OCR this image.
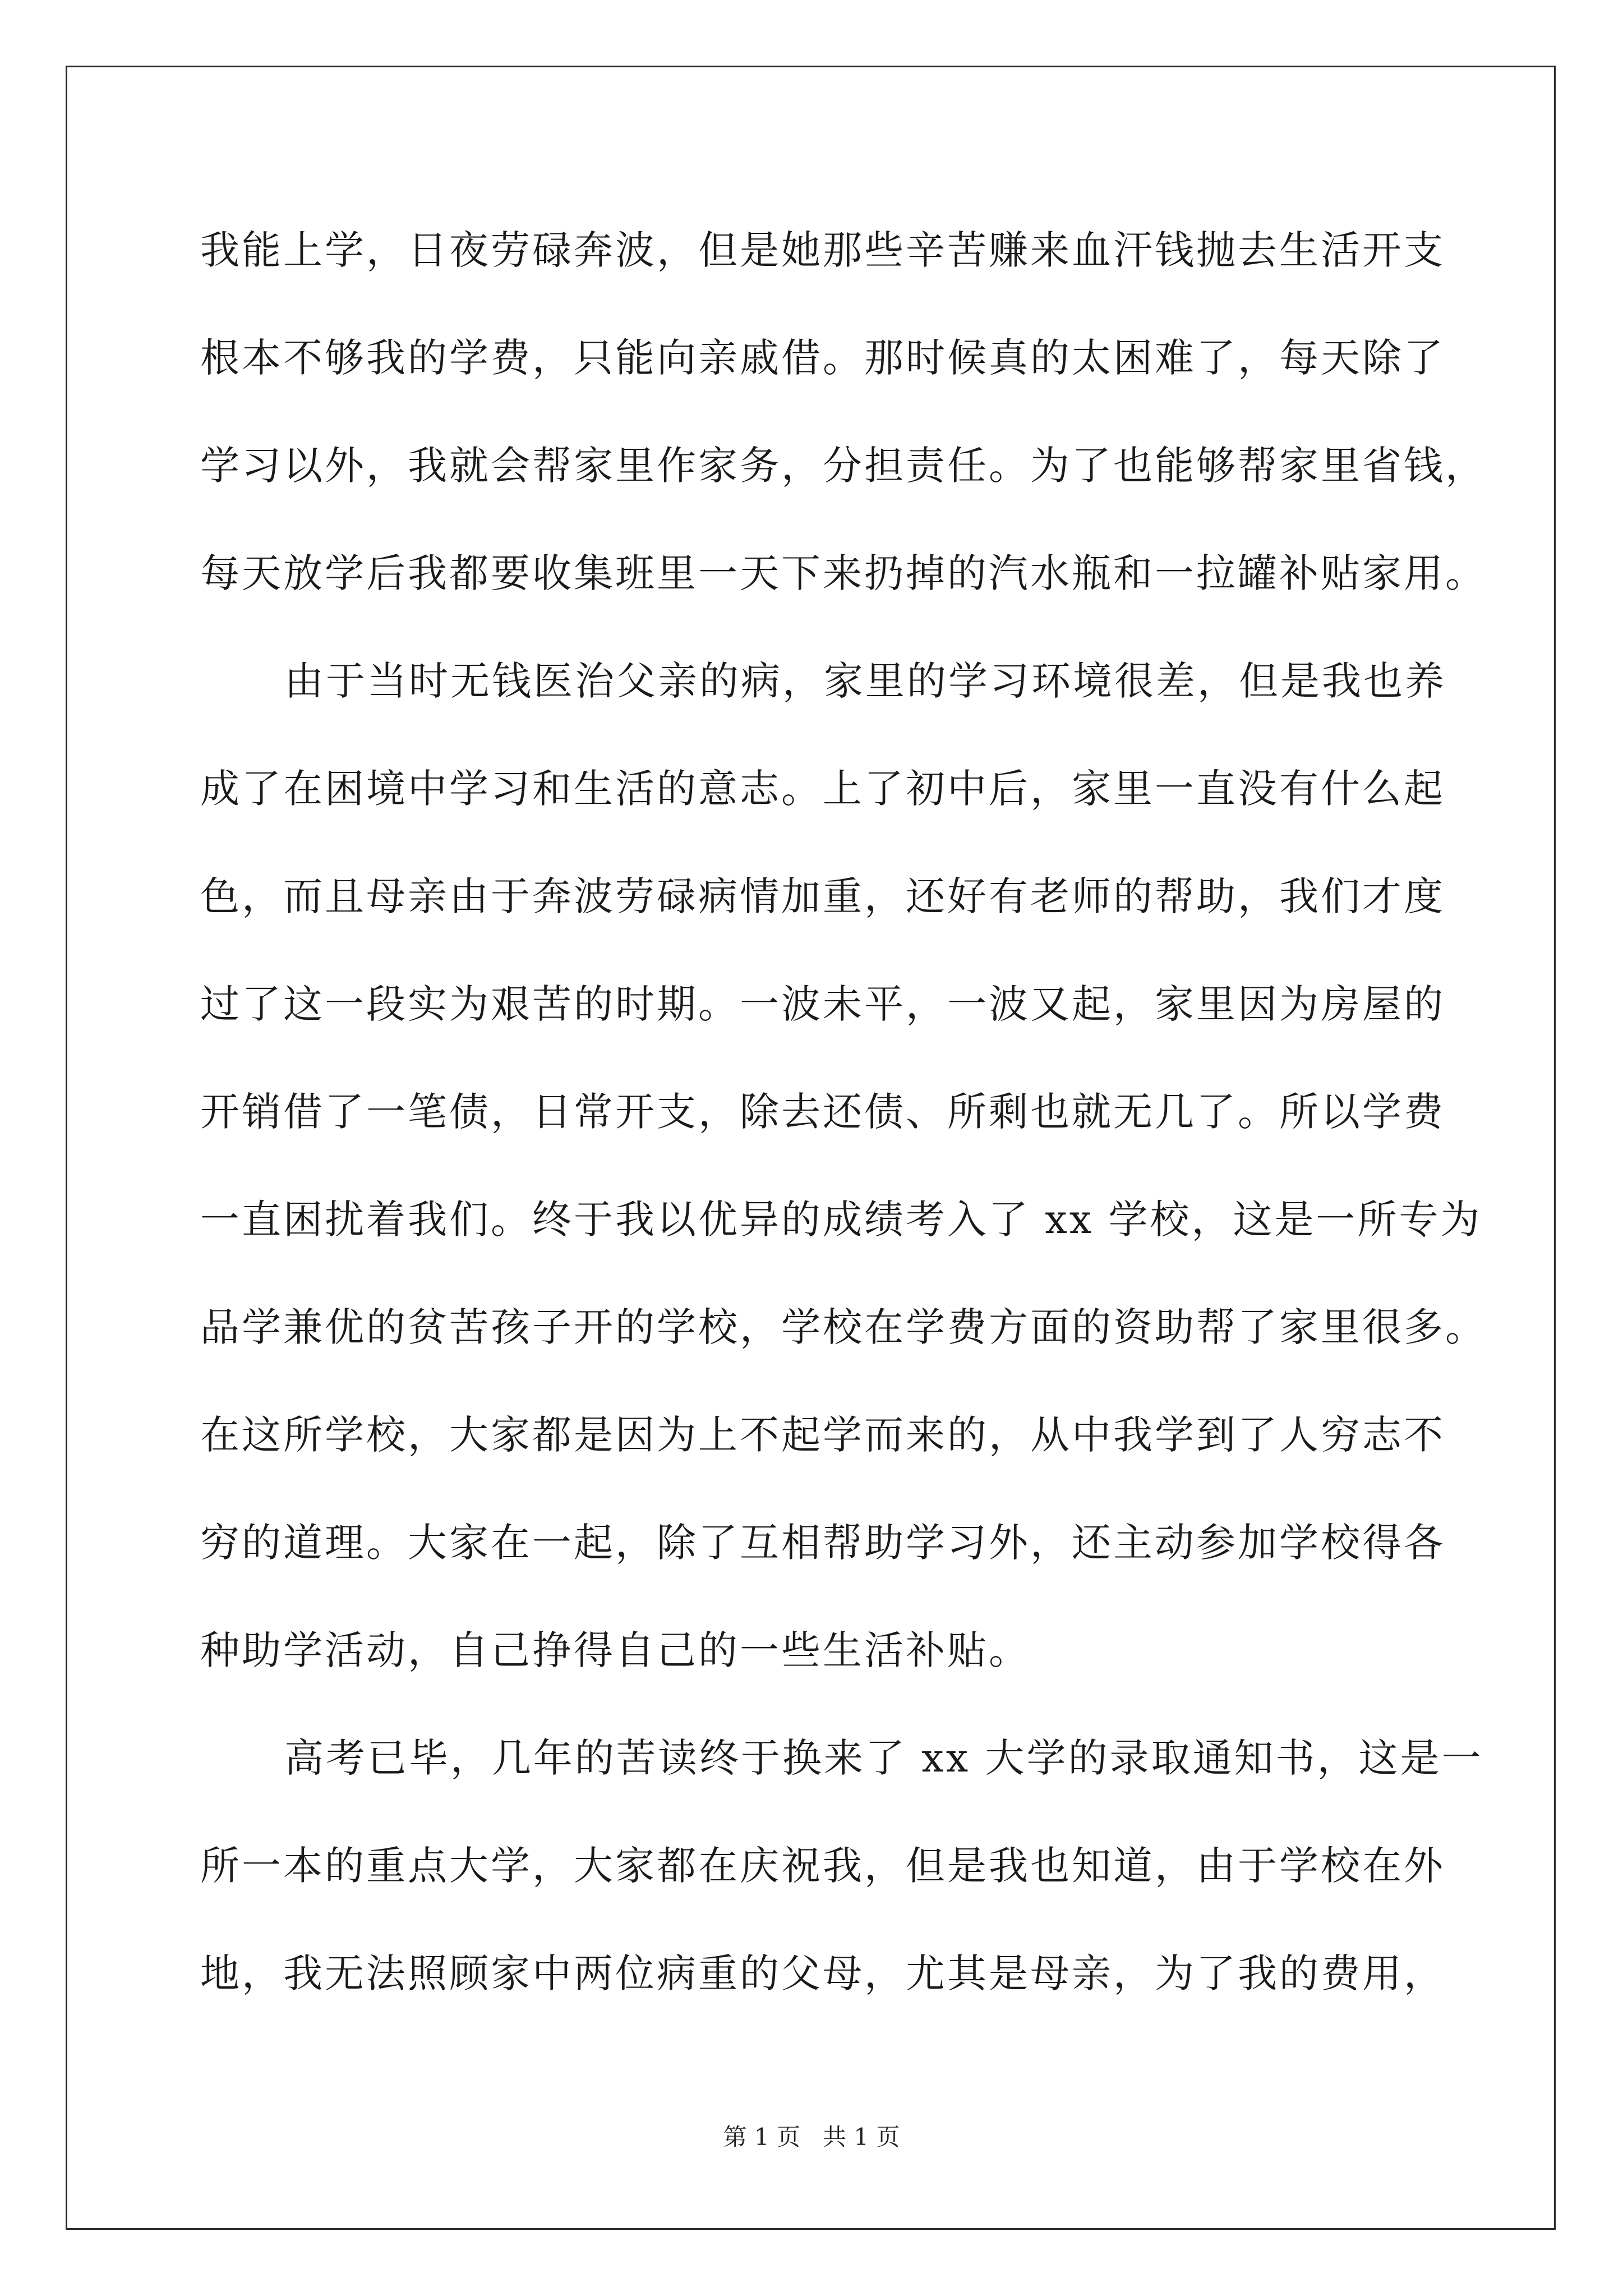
我能上学，日夜劳碌奔波，但是她那些辛苦赚来血汗钱抛去生活开支
根本不够我的学费，只能向亲戚借。那时候真的太困难了，每天除了
学习以外，我就会帮家里作家务，分担责任。为了也能够帮家里省钱，
每天放学后我都要收集班里一天下来扔掉的汽水瓶和一拉罐补贴家用。
由于当时无钱医治父亲的病，家里的学习环境很差，但是我也养
成了在困境中学习和生活的意志。上了初中后，家里一直没有什么起
色，而且母亲由于奔波劳碌病情加重，还好有老师的帮助，我们才度
过了这一段实为艰苦的时期。一波未平，一波又起，家里因为房屋的
开销借了一笔债，日常开支，除去还债、所剩也就无几了。所以学费
一直困扰着我们。终于我以优异的成绩考入了 xx 学校，这是一所专为
品学兼优的贫苦孩子开的学校，学校在学费方面的资助帮了家里很多。
在这所学校，大家都是因为上不起学而来的，从中我学到了人穷志不
穷的道理。大家在一起，除了互相帮助学习外，还主动参加学校得各
种助学活动，自己挣得自己的一些生活补贴。
高考已毕，几年的苦读终于换来了 xx 大学的录取通知书，这是一
所一本的重点大学，大家都在庆祝我，但是我也知道，由于学校在外
地，我无法照顾家中两位病重的父母，尤其是母亲，为了我的费用，
第 1 页 共 1 页
